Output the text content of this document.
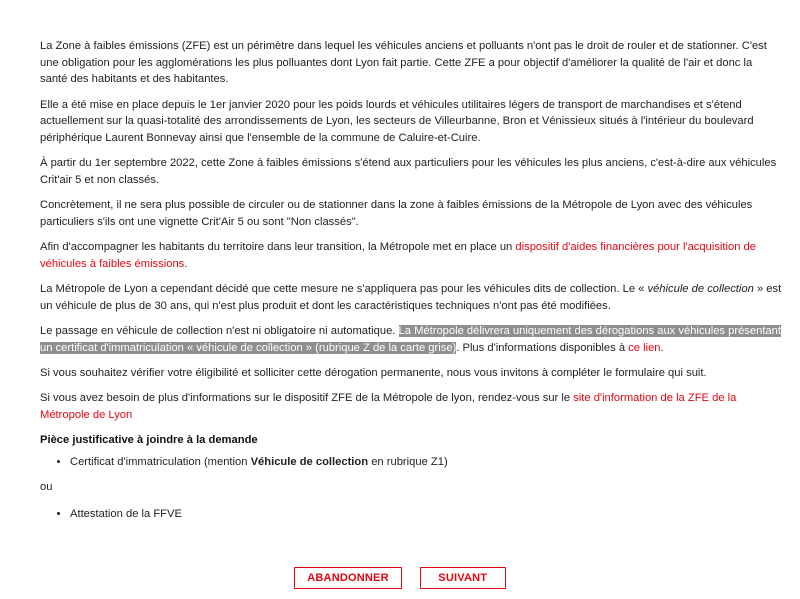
La Zone à faibles émissions (ZFE) est un périmètre dans lequel les véhicules anciens et polluants n'ont pas le droit de rouler et de stationner. C'est une obligation pour les agglomérations les plus polluantes dont Lyon fait partie. Cette ZFE a pour objectif d'améliorer la qualité de l'air et donc la santé des habitants et des habitantes.

Elle a été mise en place depuis le 1er janvier 2020 pour les poids lourds et véhicules utilitaires légers de transport de marchandises et s'étend actuellement sur la quasi-totalité des arrondissements de Lyon, les secteurs de Villeurbanne, Bron et Vénissieux situés à l'intérieur du boulevard périphérique Laurent Bonnevay ainsi que l'ensemble de la commune de Caluire-et-Cuire.

À partir du 1er septembre 2022, cette Zone à faibles émissions s'étend aux particuliers pour les véhicules les plus anciens, c'est-à-dire aux véhicules Crit'air 5 et non classés.

Concrètement, il ne sera plus possible de circuler ou de stationner dans la zone à faibles émissions de la Métropole de Lyon avec des véhicules particuliers s'ils ont une vignette Crit'Air 5 ou sont "Non classés".

Afin d'accompagner les habitants du territoire dans leur transition, la Métropole met en place un dispositif d'aides financières pour l'acquisition de véhicules à faibles émissions.

La Métropole de Lyon a cependant décidé que cette mesure ne s'appliquera pas pour les véhicules dits de collection. Le « véhicule de collection » est un véhicule de plus de 30 ans, qui n'est plus produit et dont les caractéristiques techniques n'ont pas été modifiées.

Le passage en véhicule de collection n'est ni obligatoire ni automatique. La Métropole délivrera uniquement des dérogations aux véhicules présentant un certificat d'immatriculation « véhicule de collection » (rubrique Z de la carte grise). Plus d'informations disponibles à ce lien.

Si vous souhaitez vérifier votre éligibilité et solliciter cette dérogation permanente, nous vous invitons à compléter le formulaire qui suit.

Si vous avez besoin de plus d'informations sur le dispositif ZFE de la Métropole de lyon, rendez-vous sur le site d'information de la ZFE de la Métropole de Lyon

Pièce justificative à joindre à la demande
• Certificat d'immatriculation (mention Véhicule de collection en rubrique Z1)
ou
• Attestation de la FFVE
ABANDONNER	SUIVANT
